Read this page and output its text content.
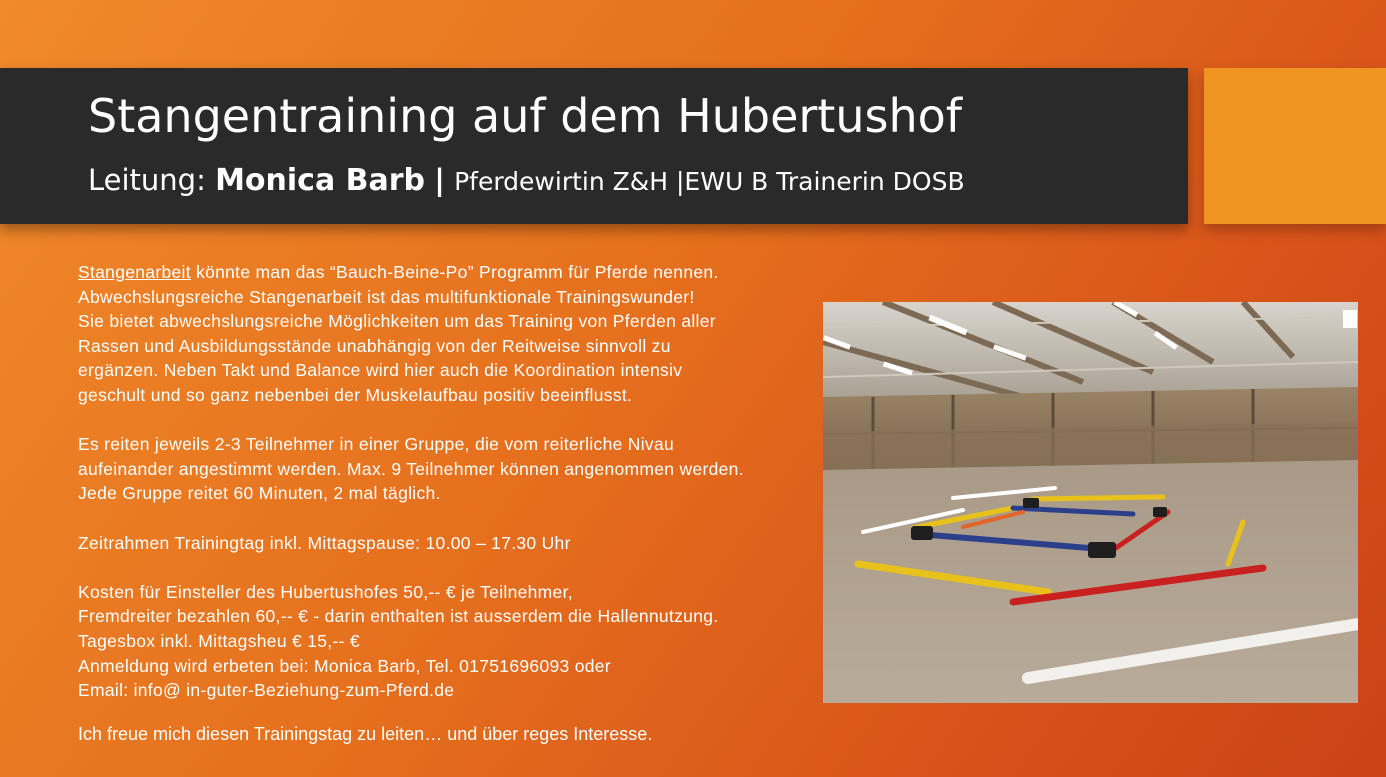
Stangentraining auf dem Hubertushof
Leitung: Monica Barb | Pferdewirtin Z&H |EWU B Trainerin DOSB

Stangenarbeit könnte man das “Bauch-Beine-Po” Programm für Pferde nennen.

Abwechslungsreiche Stangenarbeit ist das multifunktionale Trainingswunder!

Sie bietet abwechslungsreiche Möglichkeiten um das Training von Pferden aller

Rassen und Ausbildungsstände unabhängig von der Reitweise sinnvoll zu

ergänzen. Neben Takt und Balance wird hier auch die Koordination intensiv

geschult und so ganz nebenbei der Muskelaufbau positiv beeinflusst.

Es reiten jeweils 2-3 Teilnehmer in einer Gruppe, die vom reiterliche Nivau

aufeinander angestimmt werden. Max. 9 Teilnehmer können angenommen werden.

Jede Gruppe reitet 60 Minuten, 2 mal täglich.

Zeitrahmen Trainingtag inkl. Mittagspause: 10.00 – 17.30 Uhr

Kosten für Einsteller des Hubertushofes 50,-- € je Teilnehmer,

Fremdreiter bezahlen 60,-- € - darin enthalten ist ausserdem die Hallennutzung.

Tagesbox inkl. Mittagsheu € 15,-- €

Anmeldung wird erbeten bei: Monica Barb, Tel. 01751696093 oder

Email: info@ in-guter-Beziehung-zum-Pferd.de

Ich freue mich diesen Trainingstag zu leiten… und über reges Interesse.
